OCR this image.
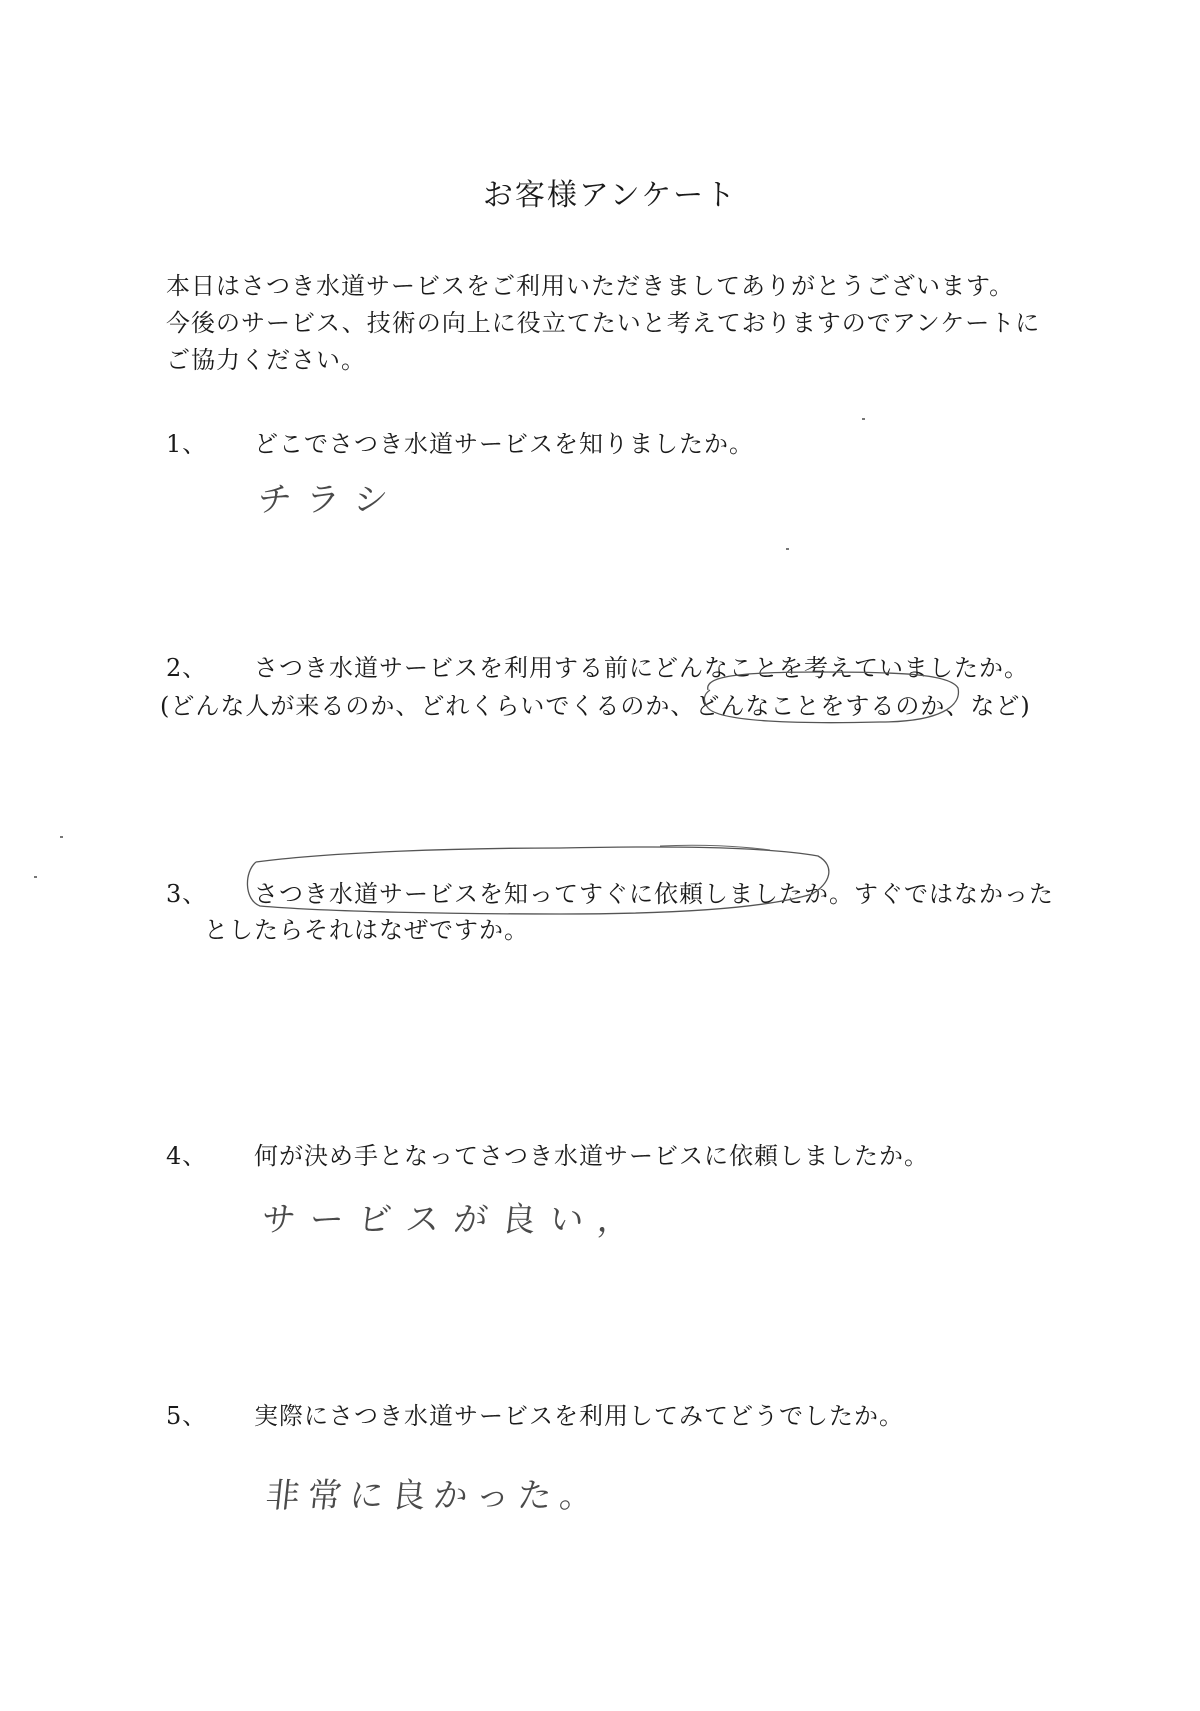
お客様アンケート
本日はさつき水道サービスをご利用いただきましてありがとうございます。
今後のサービス、技術の向上に役立てたいと考えておりますのでアンケートに
ご協力ください。
1、 どこでさつき水道サービスを知りましたか。
チラシ
2、 さつき水道サービスを利用する前にどんなことを考えていましたか。
(どんな人が来るのか、どれくらいでくるのか、どんなことをするのか、など)
3、 さつき水道サービスを知ってすぐに依頼しましたか。すぐではなかった
としたらそれはなぜですか。
4、 何が決め手となってさつき水道サービスに依頼しましたか。
サービスが良い，
5、 実際にさつき水道サービスを利用してみてどうでしたか。
非常に良かった。
